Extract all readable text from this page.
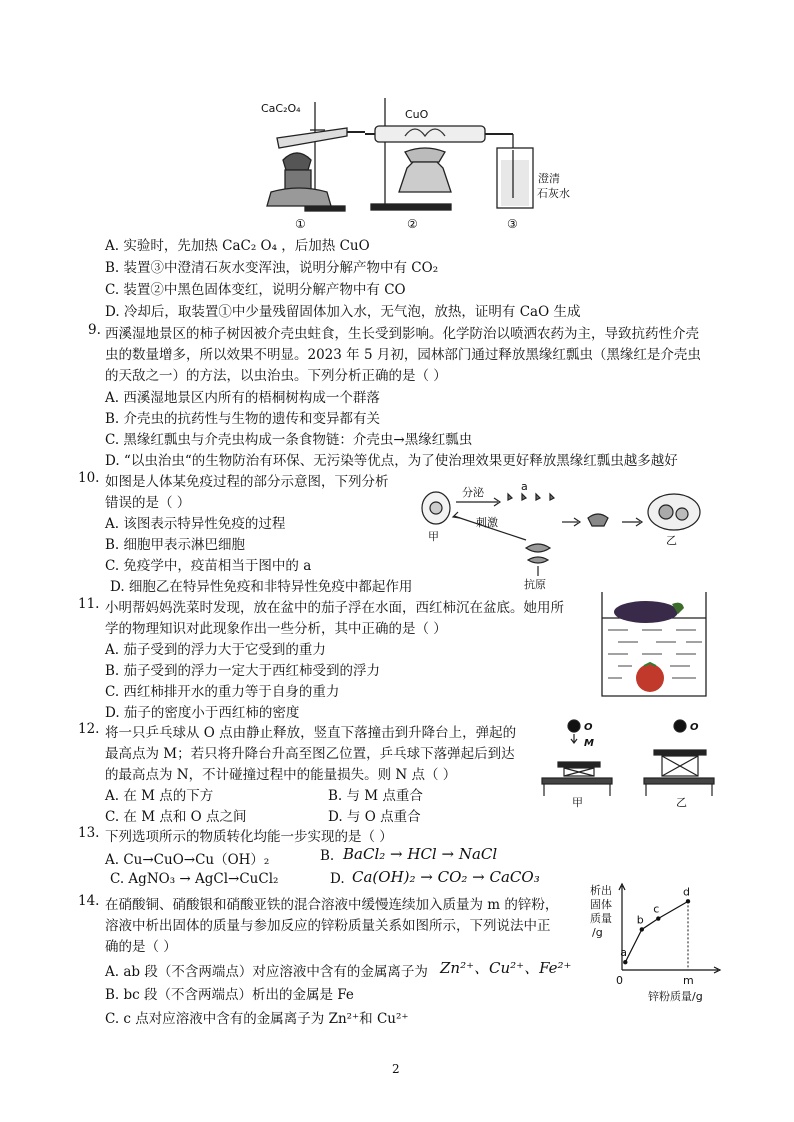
CaC₂O₄	CuO
澄清
石灰水
①	②	③
A. 实验时，先加热 CaC₂ O₄ ，后加热 CuO
B. 装置③中澄清石灰水变浑浊，说明分解产物中有 CO₂
C. 装置②中黑色固体变红，说明分解产物中有 CO
D. 冷却后，取装置①中少量残留固体加入水，无气泡，放热，证明有 CaO 生成
9. 西溪湿地景区的柿子树因被介壳虫蛀食，生长受到影响。化学防治以喷洒农药为主，导致抗药性介壳
虫的数量增多，所以效果不明显。2023 年 5 月初，园林部门通过释放黑缘红瓢虫（黑缘红是介壳虫
的天敌之一）的方法，以虫治虫。下列分析正确的是（ ）
A. 西溪湿地景区内所有的梧桐树构成一个群落
B. 介壳虫的抗药性与生物的遗传和变异都有关
C. 黑缘红瓢虫与介壳虫构成一条食物链：介壳虫→黑缘红瓢虫
D. “以虫治虫“的生物防治有环保、无污染等优点，为了使治理效果更好释放黑缘红瓢虫越多越好
10. 如图是人体某免疫过程的部分示意图，下列分析
错误的是（ ）
A. 该图表示特异性免疫的过程
B. 细胞甲表示淋巴细胞
C. 免疫学中，疫苗相当于图中的 a
D. 细胞乙在特异性免疫和非特异性免疫中都起作用
分泌	a
刺激
甲
抗原
乙
11. 小明帮妈妈洗菜时发现，放在盆中的茄子浮在水面，西红柿沉在盆底。她用所
学的物理知识对此现象作出一些分析，其中正确的是（ ）
A. 茄子受到的浮力大于它受到的重力
B. 茄子受到的浮力一定大于西红柿受到的浮力
C. 西红柿排开水的重力等于自身的重力
D. 茄子的密度小于西红柿的密度
12. 将一只乒乓球从 O 点由静止释放，竖直下落撞击到升降台上，弹起的
最高点为 M；若只将升降台升高至图乙位置，乒乓球下落弹起后到达
的最高点为 N，不计碰撞过程中的能量损失。则 N 点（ ）
A. 在 M 点的下方	B. 与 M 点重合
C. 在 M 点和 O 点之间	D. 与 O 点重合
O
M
O
甲	乙
13. 下列选项所示的物质转化均能一步实现的是（ ）
A. Cu→CuO→Cu（OH）₂	B. BaCl₂ → HCl → NaCl
C. AgNO₃ → AgCl→CuCl₂	D. Ca(OH)₂ → CO₂ → CaCO₃
14. 在硝酸铜、硝酸银和硝酸亚铁的混合溶液中缓慢连续加入质量为 m 的锌粉，
溶液中析出固体的质量与参加反应的锌粉质量关系如图所示，下列说法中正
确的是（ ）
A. ab 段（不含两端点）对应溶液中含有的金属离子为 Zn²⁺、Cu²⁺、Fe²⁺
B. bc 段（不含两端点）析出的金属是 Fe
C. c 点对应溶液中含有的金属离子为 Zn²⁺和 Cu²⁺
析出
固体
质量
/g
a
b
c
d
0	m
锌粉质量/g
2
